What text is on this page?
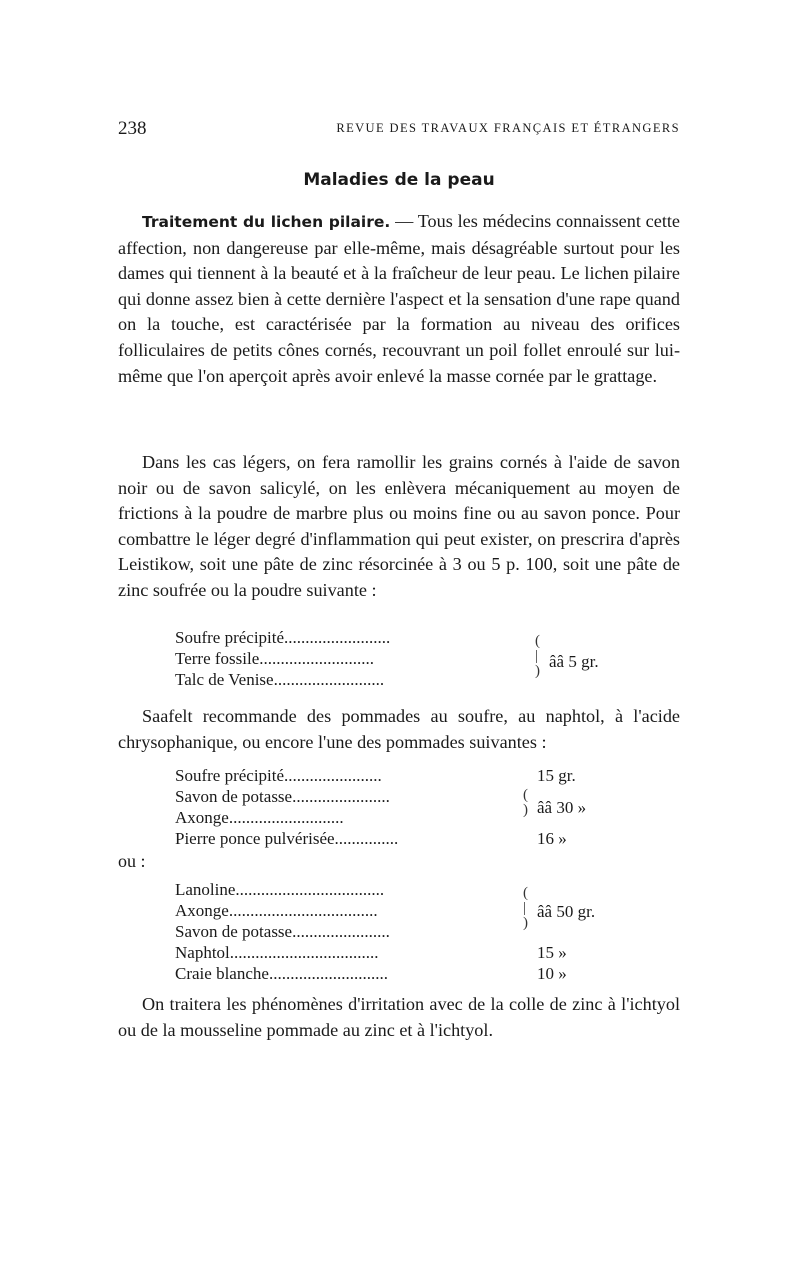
238	REVUE DES TRAVAUX FRANÇAIS ET ÉTRANGERS
Maladies de la peau

Traitement du lichen pilaire. — Tous les médecins connaissent cette affection, non dangereuse par elle-même, mais désagréable surtout pour les dames qui tiennent à la beauté et à la fraîcheur de leur peau. Le lichen pilaire qui donne assez bien à cette dernière l'aspect et la sensation d'une rape quand on la touche, est caractérisée par la formation au niveau des orifices folliculaires de petits cônes cornés, recouvrant un poil follet enroulé sur lui-même que l'on aperçoit après avoir enlevé la masse cornée par le grattage.

Dans les cas légers, on fera ramollir les grains cornés à l'aide de savon noir ou de savon salicylé, on les enlèvera mécaniquement au moyen de frictions à la poudre de marbre plus ou moins fine ou au savon ponce. Pour combattre le léger degré d'inflammation qui peut exister, on prescrira d'après Leistikow, soit une pâte de zinc résorcinée à 3 ou 5 p. 100, soit une pâte de zinc soufrée ou la poudre suivante :

Soufre précipité.........................
Terre fossile...........................
Talc de Venise..........................
(
|
) ââ 5 gr.

Saafelt recommande des pommades au soufre, au naphtol, à l'acide chrysophanique, ou encore l'une des pommades suivantes :

Soufre précipité.......................	15 gr.
Savon de potasse.......................
Axonge...........................
(
) ââ 30 »
Pierre ponce pulvérisée...............	16 »
ou :
Lanoline...................................
Axonge...................................
Savon de potasse.......................
(
|
)
ââ 50 gr.
Naphtol...................................	15 »
Craie blanche............................	10 »

On traitera les phénomènes d'irritation avec de la colle de zinc à l'ichtyol ou de la mousseline pommade au zinc et à l'ichtyol.
